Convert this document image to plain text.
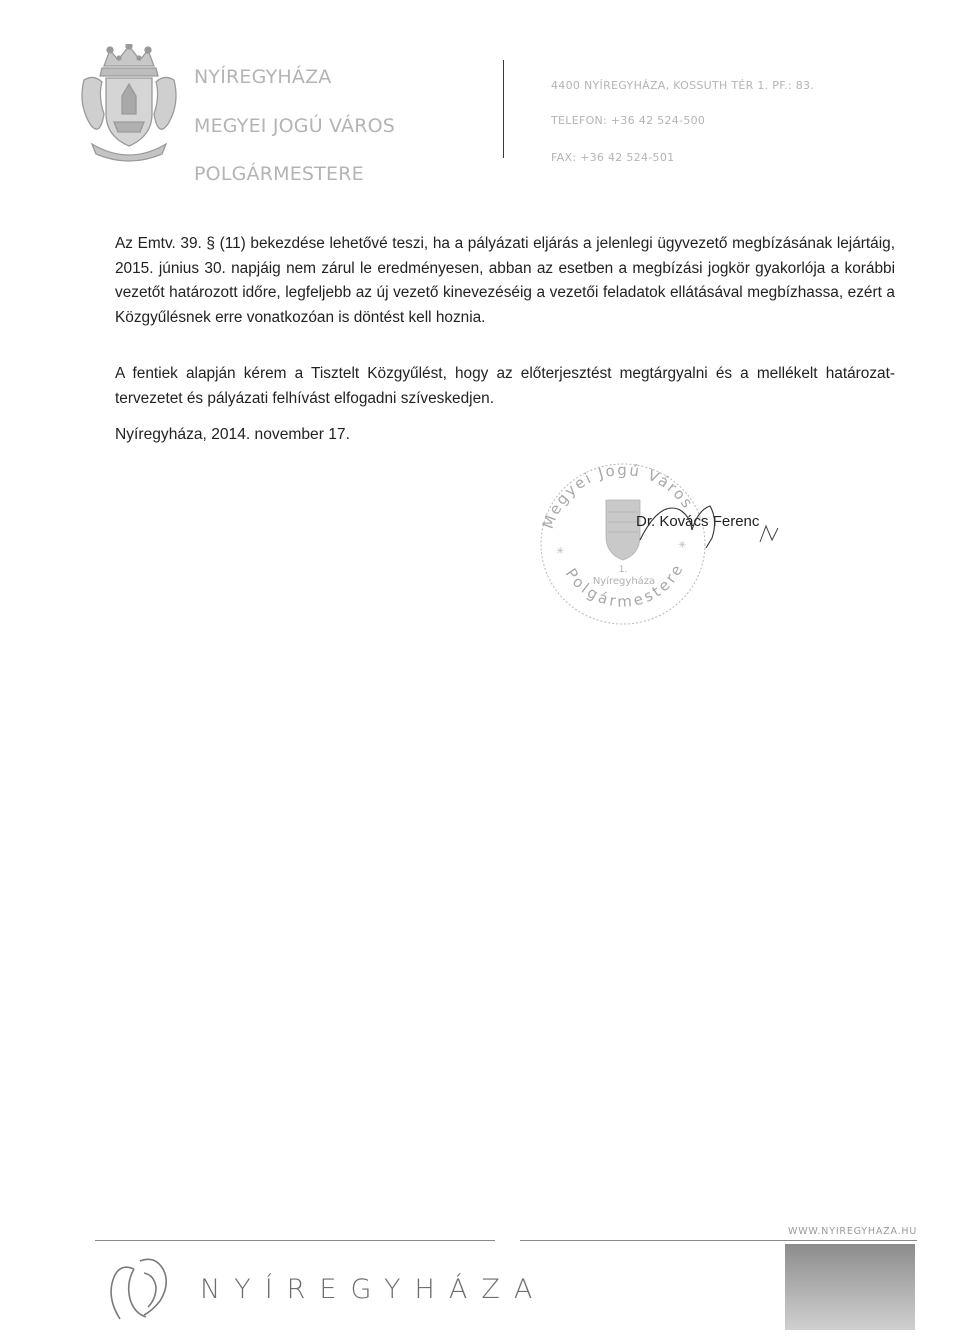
NYÍREGYHÁZA
MEGYEI JOGÚ VÁROS
POLGÁRMESTERE
4400 NYÍREGYHÁZA, KOSSUTH TÉR 1. PF.: 83.
TELEFON: +36 42 524-500
FAX: +36 42 524-501
Az Emtv. 39. § (11) bekezdése lehetővé teszi, ha a pályázati eljárás a jelenlegi ügyvezető megbízásának lejártáig, 2015. június 30. napjáig nem zárul le eredményesen, abban az esetben a megbízási jogkör gyakorlója a korábbi vezetőt határozott időre, legfeljebb az új vezető kinevezéséig a vezetői feladatok ellátásával megbízhassa, ezért a Közgyűlésnek erre vonatkozóan is döntést kell hoznia.
A fentiek alapján kérem a Tisztelt Közgyűlést, hogy az előterjesztést megtárgyalni és a mellékelt határozat-tervezetet és pályázati felhívást elfogadni szíveskedjen.
Nyíregyháza, 2014. november 17.
Megyei Jogú Város
Polgármestere
Nyíregyháza
1.
✳
✳
Dr. Kovács Ferenc
WWW.NYIREGYHAZA.HU
NYÍREGYHÁZA
